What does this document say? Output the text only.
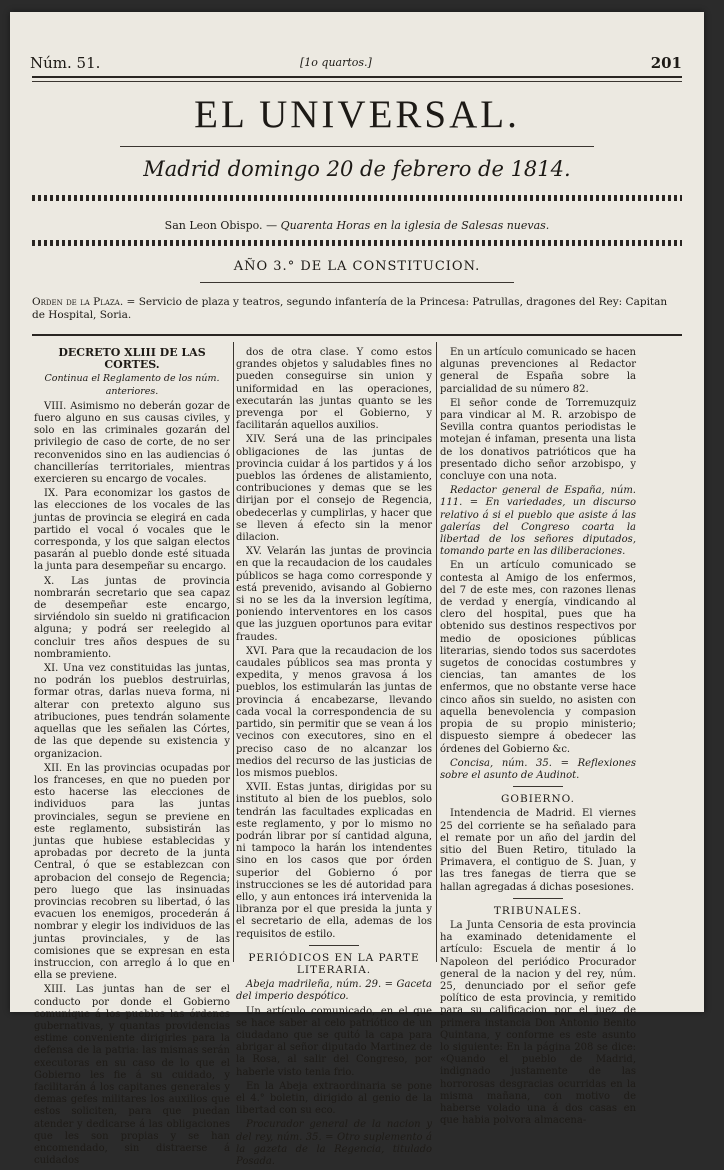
Núm. 51.	[1o quartos.]	201
EL UNIVERSAL.
Madrid domingo 20 de febrero de 1814.
San Leon Obispo. — Quarenta Horas en la iglesia de Salesas nuevas.
AÑO 3.° DE LA CONSTITUCION.
Orden de la Plaza. = Servicio de plaza y teatros, segundo infantería de la Princesa: Patrullas, dragones del Rey: Capitan de Hospital, Soria.
DECRETO XLIII DE LAS CORTES.

Continua el Reglamento de los núm. anteriores.

VIII. Asimismo no deberán gozar de fuero alguno en sus causas civiles, y solo en las criminales gozarán del privilegio de caso de corte, de no ser reconvenidos sino en las audiencias ó chancillerías territoriales, mientras exercieren su encargo de vocales.

IX. Para economizar los gastos de las elecciones de los vocales de las juntas de provincia se elegirá en cada partido el vocal ó vocales que le corresponda, y los que salgan electos pasarán al pueblo donde esté situada la junta para desempeñar su encargo.

X. Las juntas de provincia nombrarán secretario que sea capaz de desempeñar este encargo, sirviéndolo sin sueldo ni gratificacion alguna; y podrá ser reelegido al concluir tres años despues de su nombramiento.

XI. Una vez constituidas las juntas, no podrán los pueblos destruirlas, formar otras, darlas nueva forma, ni alterar con pretexto alguno sus atribuciones, pues tendrán solamente aquellas que les señalen las Córtes, de las que depende su existencia y organizacion.

XII. En las provincias ocupadas por los franceses, en que no pueden por esto hacerse las elecciones de individuos para las juntas provinciales, segun se previene en este reglamento, subsistirán las juntas que hubiese establecidas y aprobadas por decreto de la junta Central, ó que se establezcan con aprobacion del consejo de Regencia; pero luego que las insinuadas provincias recobren su libertad, ó las evacuen los enemigos, procederán á nombrar y elegir los individuos de las juntas provinciales, y de las comisiones que se expresan en esta instruccion, con arreglo á lo que en ella se previene.

XIII. Las juntas han de ser el conducto por donde el Gobierno comunique á los pueblos las órdenes gubernativas, y quantas providencias estime conveniente dirigirles para la defensa de la patria: las mismas serán executoras en su caso de lo que el Gobierno les fie á su cuidado, y facilitarán á los capitanes generales y demas gefes militares los auxilios que estos soliciten, para que puedan atender y dedicarse á las obligaciones que les son propias y se han encomendado, sin distraerse á cuidados

dos de otra clase. Y como estos grandes objetos y saludables fines no pueden conseguirse sin union y uniformidad en las operaciones, executarán las juntas quanto se les prevenga por el Gobierno, y facilitarán aquellos auxilios.

XIV. Será una de las principales obligaciones de las juntas de provincia cuidar á los partidos y á los pueblos las órdenes de alistamiento, contribuciones y demas que se les dirijan por el consejo de Regencia, obedecerlas y cumplirlas, y hacer que se lleven á efecto sin la menor dilacion.

XV. Velarán las juntas de provincia en que la recaudacion de los caudales públicos se haga como corresponde y está prevenido, avisando al Gobierno si no se les da la inversion legítima, poniendo interventores en los casos que las juzguen oportunos para evitar fraudes.

XVI. Para que la recaudacion de los caudales públicos sea mas pronta y expedita, y menos gravosa á los pueblos, los estimularán las juntas de provincia á encabezarse, llevando cada vocal la correspondencia de su partido, sin permitir que se vean á los vecinos con executores, sino en el preciso caso de no alcanzar los medios del recurso de las justicias de los mismos pueblos.

XVII. Estas juntas, dirigidas por su instituto al bien de los pueblos, solo tendrán las facultades explicadas en este reglamento, y por lo mismo no podrán librar por sí cantidad alguna, ni tampoco la harán los intendentes sino en los casos que por órden superior del Gobierno ó por instrucciones se les dé autoridad para ello, y aun entonces irá intervenida la libranza por el que presida la junta y el secretario de ella, ademas de los requisitos de estilo.

PERIÓDICOS EN LA PARTE LITERARIA.

Abeja madrileña, núm. 29. = Gaceta del imperio despótico.

Un artículo comunicado, en el que se hace saber al celo patriótico de un ciudadano que se quitó la capa para abrigar al señor diputado Martinez de la Rosa, al salir del Congreso, por haberle visto tenia frio.

En la Abeja extraordinaria se pone el 4.° boletin, dirigido al genio de la libertad con su eco.

Procurador general de la nacion y del rey, núm. 35. = Otro suplemento á la gazeta de la Regencia, titulado Posada.

En un artículo comunicado se hacen algunas prevenciones al Redactor general de España sobre la parcialidad de su número 82.

El señor conde de Torremuzquiz para vindicar al M. R. arzobispo de Sevilla contra quantos periodistas le motejan é infaman, presenta una lista de los donativos patrióticos que ha presentado dicho señor arzobispo, y concluye con una nota.

Redactor general de España, núm. 111. = En variedades, un discurso relativo á si el pueblo que asiste á las galerías del Congreso coarta la libertad de los señores diputados, tomando parte en las diliberaciones.

En un artículo comunicado se contesta al Amigo de los enfermos, del 7 de este mes, con razones llenas de verdad y energía, vindicando al clero del hospital, pues que ha obtenido sus destinos respectivos por medio de oposiciones públicas literarias, siendo todos sus sacerdotes sugetos de conocidas costumbres y ciencias, tan amantes de los enfermos, que no obstante verse hace cinco años sin sueldo, no asisten con aquella benevolencia y compasion propia de su propio ministerio; dispuesto siempre á obedecer las órdenes del Gobierno &c.

Concisa, núm. 35. = Reflexiones sobre el asunto de Audinot.

GOBIERNO.

Intendencia de Madrid. El viernes 25 del corriente se ha señalado para el remate por un año del jardin del sitio del Buen Retiro, titulado la Primavera, el contiguo de S. Juan, y las tres fanegas de tierra que se hallan agregadas á dichas posesiones.

TRIBUNALES.

La Junta Censoria de esta provincia ha examinado detenidamente el artículo: Escuela de mentir á lo Napoleon del periódico Procurador general de la nacion y del rey, núm. 25, denunciado por el señor gefe político de esta provincia, y remitido para su calificacion por el juez de primera instancia Don Antonio Benito Quintana, y conforme es este asunto lo siguiente: En la página 208 se dice: «Quando el pueblo de Madrid, indignado justamente de las horrorosas desgracias ocurridas en la misma mañana, con motivo de haberse volado una á dos casas en que habia polvora almacena-
